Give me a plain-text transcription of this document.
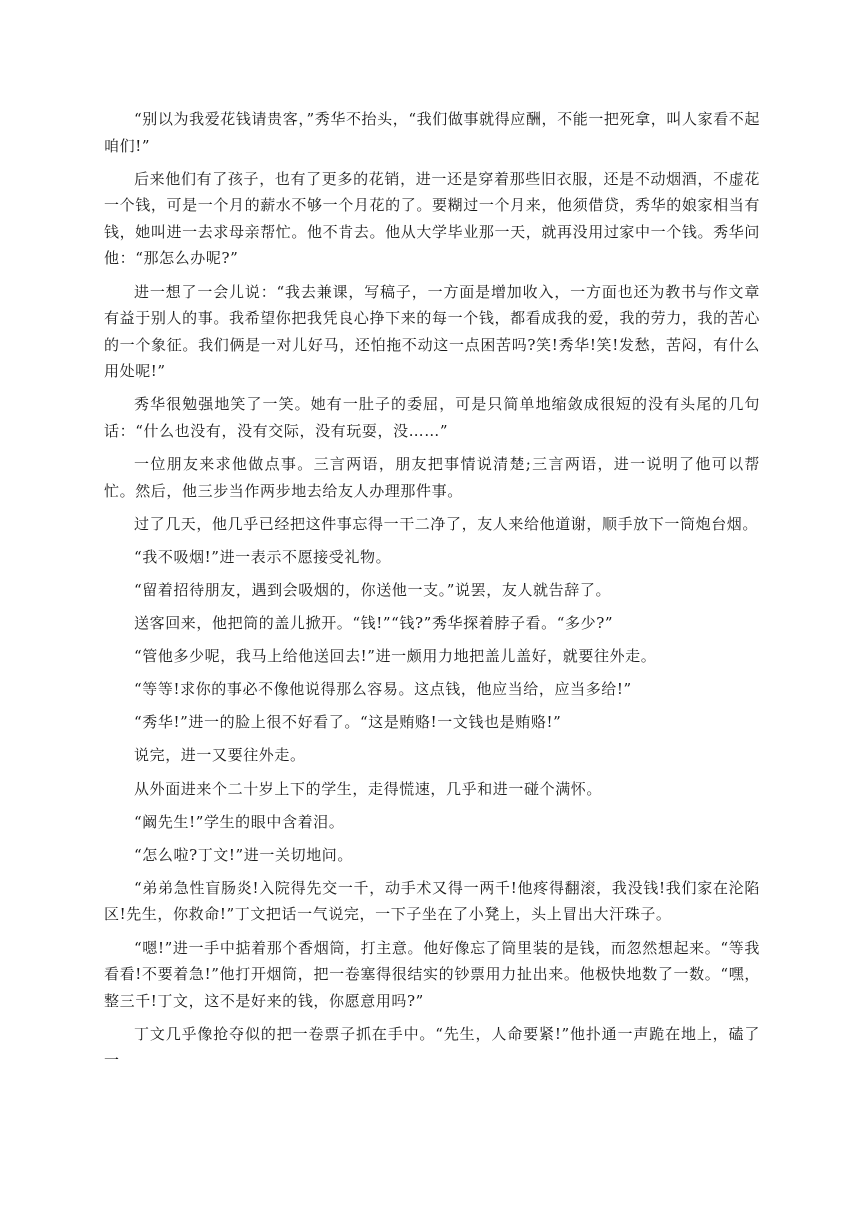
“别以为我爱花钱请贵客，”秀华不抬头，“我们做事就得应酬，不能一把死拿，叫人家看不起咱们!”

后来他们有了孩子，也有了更多的花销，进一还是穿着那些旧衣服，还是不动烟酒，不虚花一个钱，可是一个月的薪水不够一个月花的了。要糊过一个月来，他须借贷，秀华的娘家相当有钱，她叫进一去求母亲帮忙。他不肯去。他从大学毕业那一天，就再没用过家中一个钱。秀华问他：“那怎么办呢?”

进一想了一会儿说：“我去兼课，写稿子，一方面是增加收入，一方面也还为教书与作文章有益于别人的事。我希望你把我凭良心挣下来的每一个钱，都看成我的爱，我的劳力，我的苦心的一个象征。我们俩是一对儿好马，还怕拖不动这一点困苦吗?笑!秀华!笑!发愁，苦闷，有什么用处呢!”

秀华很勉强地笑了一笑。她有一肚子的委屈，可是只简单地缩敛成很短的没有头尾的几句话：“什么也没有，没有交际，没有玩耍，没……”

一位朋友来求他做点事。三言两语，朋友把事情说清楚;三言两语，进一说明了他可以帮忙。然后，他三步当作两步地去给友人办理那件事。

过了几天，他几乎已经把这件事忘得一干二净了，友人来给他道谢，顺手放下一筒炮台烟。

“我不吸烟!”进一表示不愿接受礼物。

“留着招待朋友，遇到会吸烟的，你送他一支。”说罢，友人就告辞了。

送客回来，他把筒的盖儿掀开。“钱!”“钱?”秀华探着脖子看。“多少?”

“管他多少呢，我马上给他送回去!”进一颇用力地把盖儿盖好，就要往外走。

“等等!求你的事必不像他说得那么容易。这点钱，他应当给，应当多给!”

“秀华!”进一的脸上很不好看了。“这是贿赂!一文钱也是贿赂!”

说完，进一又要往外走。

从外面进来个二十岁上下的学生，走得慌速，几乎和进一碰个满怀。

“阚先生!”学生的眼中含着泪。

“怎么啦?丁文!”进一关切地问。

“弟弟急性盲肠炎!入院得先交一千，动手术又得一两千!他疼得翻滚，我没钱!我们家在沦陷区!先生，你救命!”丁文把话一气说完，一下子坐在了小凳上，头上冒出大汗珠子。

“嗯!”进一手中掂着那个香烟筒，打主意。他好像忘了筒里装的是钱，而忽然想起来。“等我看看!不要着急!”他打开烟筒，把一卷塞得很结实的钞票用力扯出来。他极快地数了一数。“嘿，整三千!丁文，这不是好来的钱，你愿意用吗?”

丁文几乎像抢夺似的把一卷票子抓在手中。“先生，人命要紧!”他扑通一声跪在地上，磕了一
